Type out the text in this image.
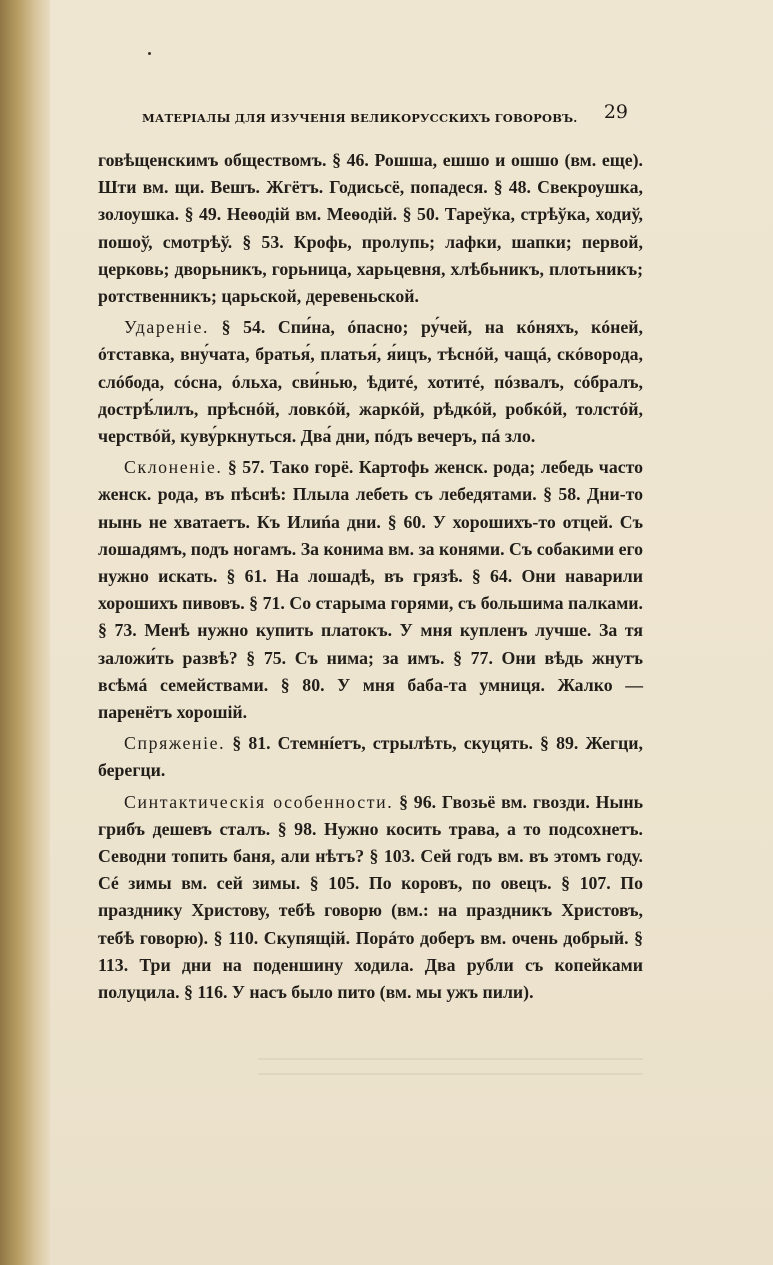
МАТЕРІАЛЫ ДЛЯ ИЗУЧЕНІЯ ВЕЛИКОРУССКИХЪ ГОВОРОВЪ. 29

говѣщенскимъ обществомъ. § 46. Рошша, ешшо и ошшо (вм. еще). Шти вм. щи. Вешъ. Жгётъ. Годисьсё, попадеся. § 48. Свекроушка, золоушка. § 49. Неѳодій вм. Меѳодій. § 50. Тареўка, стрѣўка, ходиў, пошоў, смотрѣў. § 53. Крофь, пролупь; лафки, шапки; первой, церковь; дворьникъ, горьница, харьцевня, хлѣбьникъ, плотьникъ; ротственникъ; царьской, деревеньской.

Удареніе. § 54. Спи́на, óпасно; ру́чей, на кóняхъ, кóней, óтставка, вну́чата, братья́, платья́, я́ицъ, тѣснóй, чащá, скóворода, слóбода, сóсна, óльха, сви́нью, ѣдитé, хотитé, пóзвалъ, сóбралъ, дострѣ́лилъ, прѣснóй, ловкóй, жаркóй, рѣдкóй, робкóй, толстóй, черствóй, куву́ркнуться. Два́ дни, пóдъ вечеръ, пá зло.

Склоненіе. § 57. Тако горё. Картофь женск. рода; лебедь часто женск. рода, въ пѣснѣ: Плыла лебеть съ лебедятами. § 58. Дни-то нынь не хватаетъ. Къ Илиńа дни. § 60. У хорошихъ-то отцей. Съ лошадямъ, подъ ногамъ. За конима вм. за конями. Съ собакими его нужно искать. § 61. На лошадѣ, въ грязѣ. § 64. Они наварили хорошихъ пивовъ. § 71. Со старыма горями, съ большима палками. § 73. Менѣ нужно купить платокъ. У мня купленъ лучше. За тя заложи́ть развѣ? § 75. Съ нима; за имъ. § 77. Они вѣдь жнутъ всѣмá семействами. § 80. У мня баба-та умниця. Жалко — паренётъ хорошій.

Спряженіе. § 81. Стемнíетъ, стрылѣть, скуцять. § 89. Жегци, берегци.

Синтактическія особенности. § 96. Гвозьё вм. гвозди. Нынь грибъ дешевъ сталъ. § 98. Нужно косить трава, а то подсохнетъ. Севодни топить баня, али нѣтъ? § 103. Сей годъ вм. въ этомъ году. Сé зимы вм. сей зимы. § 105. По коровъ, по овецъ. § 107. По празднику Христову, тебѣ говорю (вм.: на праздникъ Христовъ, тебѣ говорю). § 110. Скупящій. Порáто доберъ вм. очень добрый. § 113. Три дни на поденшину ходила. Два рубли съ копейками полуцила. § 116. У насъ было пито (вм. мы ужъ пили).
